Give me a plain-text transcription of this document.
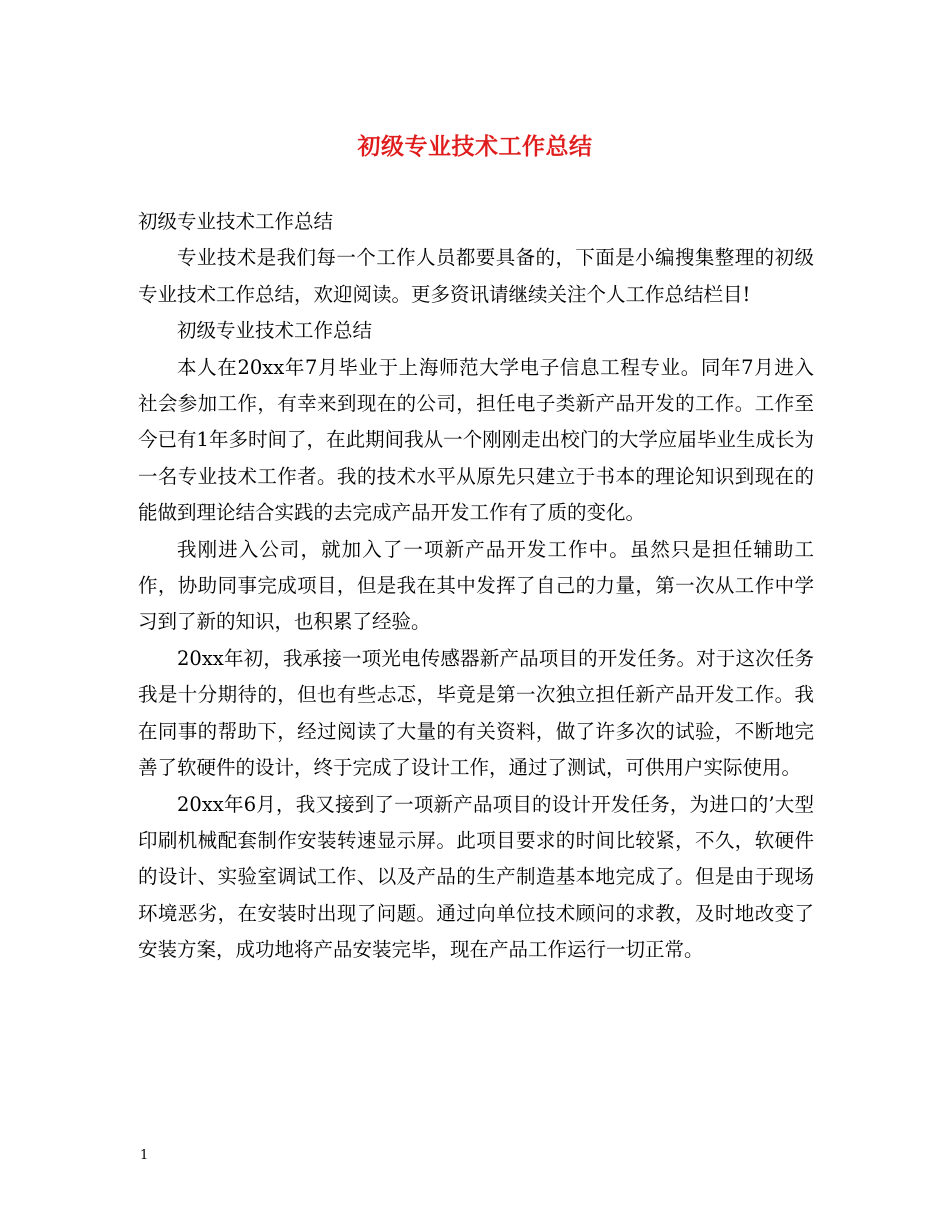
初级专业技术工作总结

初级专业技术工作总结

专业技术是我们每一个工作人员都要具备的，下面是小编搜集整理的初级专业技术工作总结，欢迎阅读。更多资讯请继续关注个人工作总结栏目!

初级专业技术工作总结

本人在20xx年7月毕业于上海师范大学电子信息工程专业。同年7月进入社会参加工作，有幸来到现在的公司，担任电子类新产品开发的工作。工作至今已有1年多时间了，在此期间我从一个刚刚走出校门的大学应届毕业生成长为一名专业技术工作者。我的技术水平从原先只建立于书本的理论知识到现在的能做到理论结合实践的去完成产品开发工作有了质的变化。

我刚进入公司，就加入了一项新产品开发工作中。虽然只是担任辅助工作，协助同事完成项目，但是我在其中发挥了自己的力量，第一次从工作中学习到了新的知识，也积累了经验。

20xx年初，我承接一项光电传感器新产品项目的开发任务。对于这次任务我是十分期待的，但也有些忐忑，毕竟是第一次独立担任新产品开发工作。我在同事的帮助下，经过阅读了大量的有关资料，做了许多次的试验，不断地完善了软硬件的设计，终于完成了设计工作，通过了测试，可供用户实际使用。

20xx年6月，我又接到了一项新产品项目的设计开发任务，为进口的’大型印刷机械配套制作安装转速显示屏。此项目要求的时间比较紧，不久，软硬件的设计、实验室调试工作、以及产品的生产制造基本地完成了。但是由于现场环境恶劣，在安装时出现了问题。通过向单位技术顾问的求教，及时地改变了安装方案，成功地将产品安装完毕，现在产品工作运行一切正常。

1
